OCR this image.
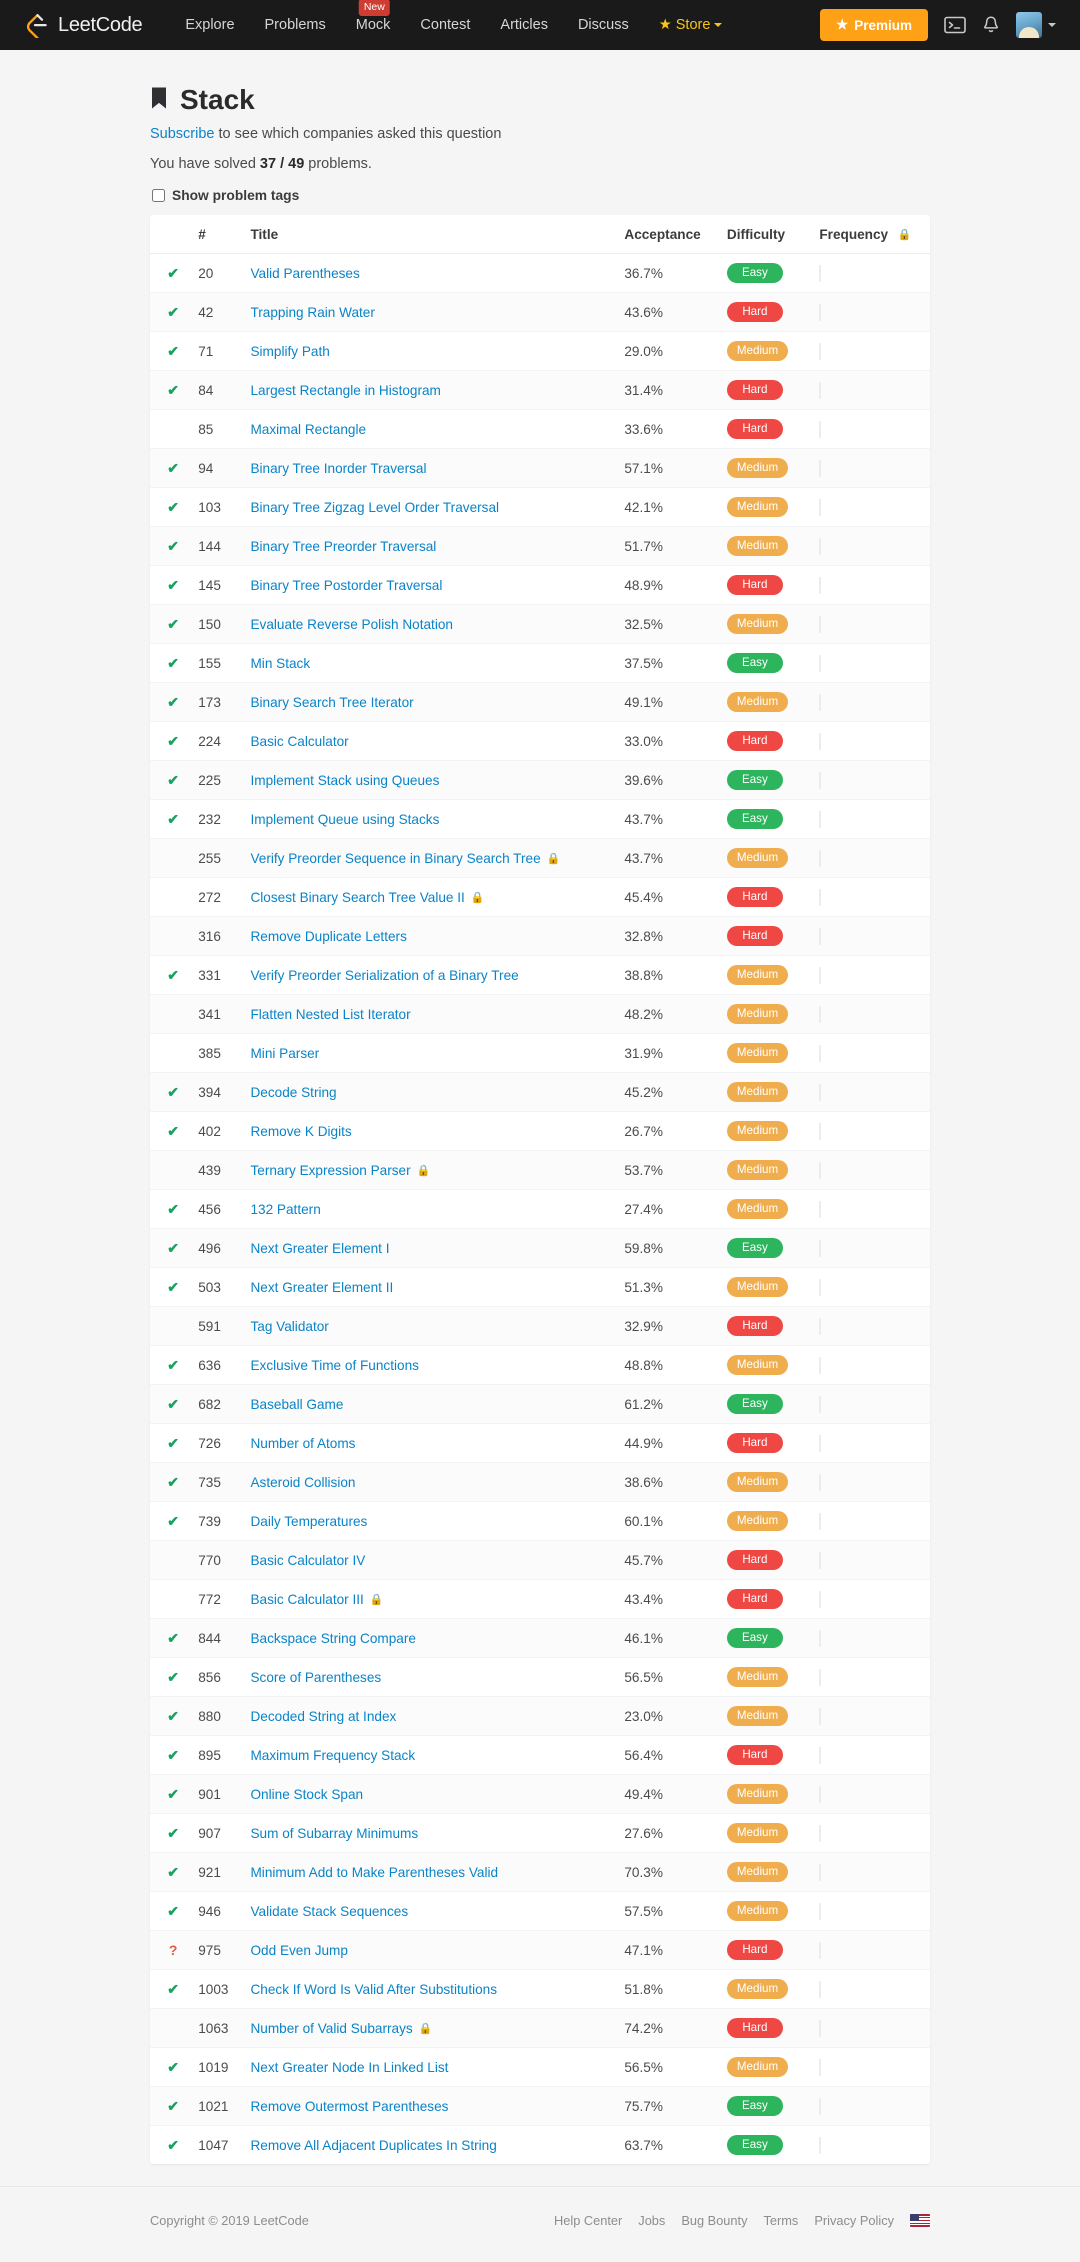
LeetCode	Explore	Problems
New
Mock	Contest	Articles	Discuss	★ Store	★ Premium
Stack

Subscribe to see which companies asked this question

You have solved 37 / 49 problems.

Show problem tags
	#	Title	Acceptance	Difficulty	Frequency 🔒
✔	20	Valid Parentheses	36.7%	Easy	
✔	42	Trapping Rain Water	43.6%	Hard	
✔	71	Simplify Path	29.0%	Medium	
✔	84	Largest Rectangle in Histogram	31.4%	Hard	
	85	Maximal Rectangle	33.6%	Hard	
✔	94	Binary Tree Inorder Traversal	57.1%	Medium	
✔	103	Binary Tree Zigzag Level Order Traversal	42.1%	Medium	
✔	144	Binary Tree Preorder Traversal	51.7%	Medium	
✔	145	Binary Tree Postorder Traversal	48.9%	Hard	
✔	150	Evaluate Reverse Polish Notation	32.5%	Medium	
✔	155	Min Stack	37.5%	Easy	
✔	173	Binary Search Tree Iterator	49.1%	Medium	
✔	224	Basic Calculator	33.0%	Hard	
✔	225	Implement Stack using Queues	39.6%	Easy	
✔	232	Implement Queue using Stacks	43.7%	Easy	
	255	Verify Preorder Sequence in Binary Search Tree 🔒	43.7%	Medium	
	272	Closest Binary Search Tree Value II 🔒	45.4%	Hard	
	316	Remove Duplicate Letters	32.8%	Hard	
✔	331	Verify Preorder Serialization of a Binary Tree	38.8%	Medium	
	341	Flatten Nested List Iterator	48.2%	Medium	
	385	Mini Parser	31.9%	Medium	
✔	394	Decode String	45.2%	Medium	
✔	402	Remove K Digits	26.7%	Medium	
	439	Ternary Expression Parser 🔒	53.7%	Medium	
✔	456	132 Pattern	27.4%	Medium	
✔	496	Next Greater Element I	59.8%	Easy	
✔	503	Next Greater Element II	51.3%	Medium	
	591	Tag Validator	32.9%	Hard	
✔	636	Exclusive Time of Functions	48.8%	Medium	
✔	682	Baseball Game	61.2%	Easy	
✔	726	Number of Atoms	44.9%	Hard	
✔	735	Asteroid Collision	38.6%	Medium	
✔	739	Daily Temperatures	60.1%	Medium	
	770	Basic Calculator IV	45.7%	Hard	
	772	Basic Calculator III 🔒	43.4%	Hard	
✔	844	Backspace String Compare	46.1%	Easy	
✔	856	Score of Parentheses	56.5%	Medium	
✔	880	Decoded String at Index	23.0%	Medium	
✔	895	Maximum Frequency Stack	56.4%	Hard	
✔	901	Online Stock Span	49.4%	Medium	
✔	907	Sum of Subarray Minimums	27.6%	Medium	
✔	921	Minimum Add to Make Parentheses Valid	70.3%	Medium	
✔	946	Validate Stack Sequences	57.5%	Medium	
?	975	Odd Even Jump	47.1%	Hard	
✔	1003	Check If Word Is Valid After Substitutions	51.8%	Medium	
	1063	Number of Valid Subarrays 🔒	74.2%	Hard	
✔	1019	Next Greater Node In Linked List	56.5%	Medium	
✔	1021	Remove Outermost Parentheses	75.7%	Easy	
✔	1047	Remove All Adjacent Duplicates In String	63.7%	Easy	
Copyright © 2019 LeetCode	Help Center Jobs Bug Bounty Terms Privacy Policy
